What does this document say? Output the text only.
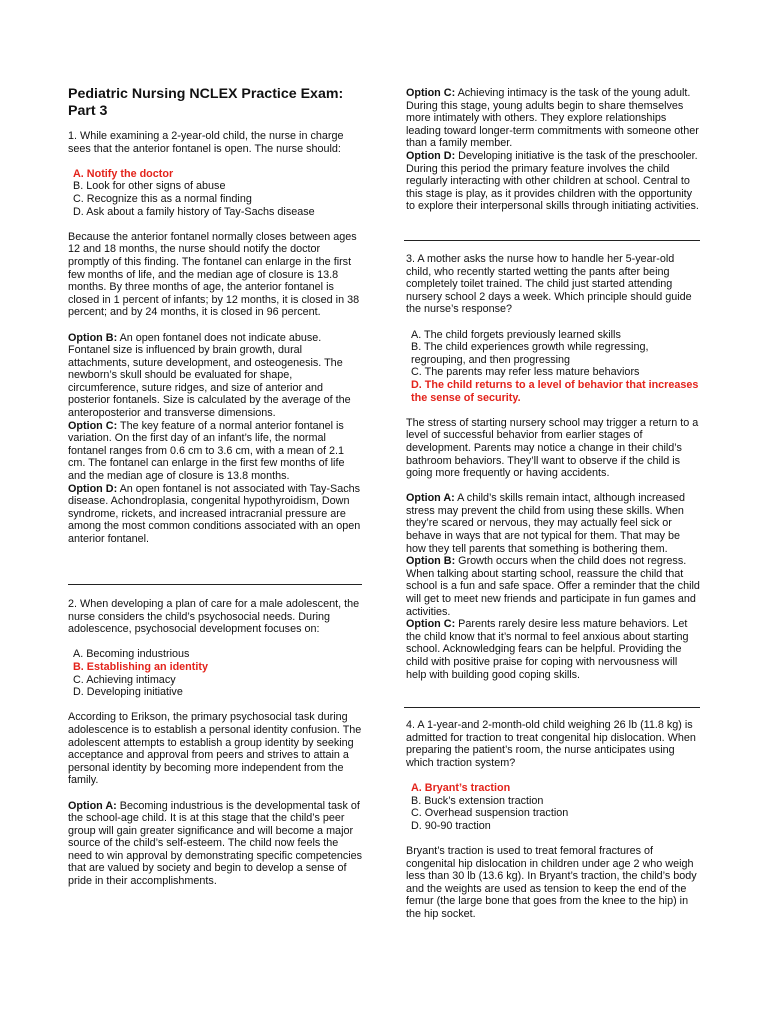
Pediatric Nursing NCLEX Practice Exam: Part 3

1. While examining a 2-year-old child, the nurse in charge sees that the anterior fontanel is open. The nurse should:

A. Notify the doctor
B. Look for other signs of abuse
C. Recognize this as a normal finding
D. Ask about a family history of Tay-Sachs disease

Because the anterior fontanel normally closes between ages 12 and 18 months, the nurse should notify the doctor promptly of this finding. The fontanel can enlarge in the first few months of life, and the median age of closure is 13.8 months. By three months of age, the anterior fontanel is closed in 1 percent of infants; by 12 months, it is closed in 38 percent; and by 24 months, it is closed in 96 percent.

Option B: An open fontanel does not indicate abuse. Fontanel size is influenced by brain growth, dural attachments, suture development, and osteogenesis. The newborn’s skull should be evaluated for shape, circumference, suture ridges, and size of anterior and posterior fontanels. Size is calculated by the average of the anteroposterior and transverse dimensions.

Option C: The key feature of a normal anterior fontanel is variation. On the first day of an infant’s life, the normal fontanel ranges from 0.6 cm to 3.6 cm, with a mean of 2.1 cm. The fontanel can enlarge in the first few months of life and the median age of closure is 13.8 months.

Option D: An open fontanel is not associated with Tay-Sachs disease. Achondroplasia, congenital hypothyroidism, Down syndrome, rickets, and increased intracranial pressure are among the most common conditions associated with an open anterior fontanel.

2. When developing a plan of care for a male adolescent, the nurse considers the child’s psychosocial needs. During adolescence, psychosocial development focuses on:

A. Becoming industrious
B. Establishing an identity
C. Achieving intimacy
D. Developing initiative

According to Erikson, the primary psychosocial task during adolescence is to establish a personal identity confusion. The adolescent attempts to establish a group identity by seeking acceptance and approval from peers and strives to attain a personal identity by becoming more independent from the family.

Option A: Becoming industrious is the developmental task of the school-age child. It is at this stage that the child’s peer group will gain greater significance and will become a major source of the child’s self-esteem. The child now feels the need to win approval by demonstrating specific competencies that are valued by society and begin to develop a sense of pride in their accomplishments.

Option C: Achieving intimacy is the task of the young adult. During this stage, young adults begin to share themselves more intimately with others. They explore relationships leading toward longer-term commitments with someone other than a family member.

Option D: Developing initiative is the task of the preschooler. During this period the primary feature involves the child regularly interacting with other children at school. Central to this stage is play, as it provides children with the opportunity to explore their interpersonal skills through initiating activities.

3. A mother asks the nurse how to handle her 5-year-old child, who recently started wetting the pants after being completely toilet trained. The child just started attending nursery school 2 days a week. Which principle should guide the nurse’s response?

A. The child forgets previously learned skills
B. The child experiences growth while regressing, regrouping, and then progressing
C. The parents may refer less mature behaviors
D. The child returns to a level of behavior that increases the sense of security.

The stress of starting nursery school may trigger a return to a level of successful behavior from earlier stages of development. Parents may notice a change in their child’s bathroom behaviors. They’ll want to observe if the child is going more frequently or having accidents.

Option A: A child’s skills remain intact, although increased stress may prevent the child from using these skills. When they’re scared or nervous, they may actually feel sick or behave in ways that are not typical for them. That may be how they tell parents that something is bothering them.

Option B: Growth occurs when the child does not regress. When talking about starting school, reassure the child that school is a fun and safe space. Offer a reminder that the child will get to meet new friends and participate in fun games and activities.

Option C: Parents rarely desire less mature behaviors. Let the child know that it’s normal to feel anxious about starting school. Acknowledging fears can be helpful. Providing the child with positive praise for coping with nervousness will help with building good coping skills.

4. A 1-year-and 2-month-old child weighing 26 lb (11.8 kg) is admitted for traction to treat congenital hip dislocation. When preparing the patient’s room, the nurse anticipates using which traction system?

A. Bryant’s traction
B. Buck’s extension traction
C. Overhead suspension traction
D. 90-90 traction

Bryant’s traction is used to treat femoral fractures of congenital hip dislocation in children under age 2 who weigh less than 30 lb (13.6 kg). In Bryant’s traction, the child’s body and the weights are used as tension to keep the end of the femur (the large bone that goes from the knee to the hip) in the hip socket.
